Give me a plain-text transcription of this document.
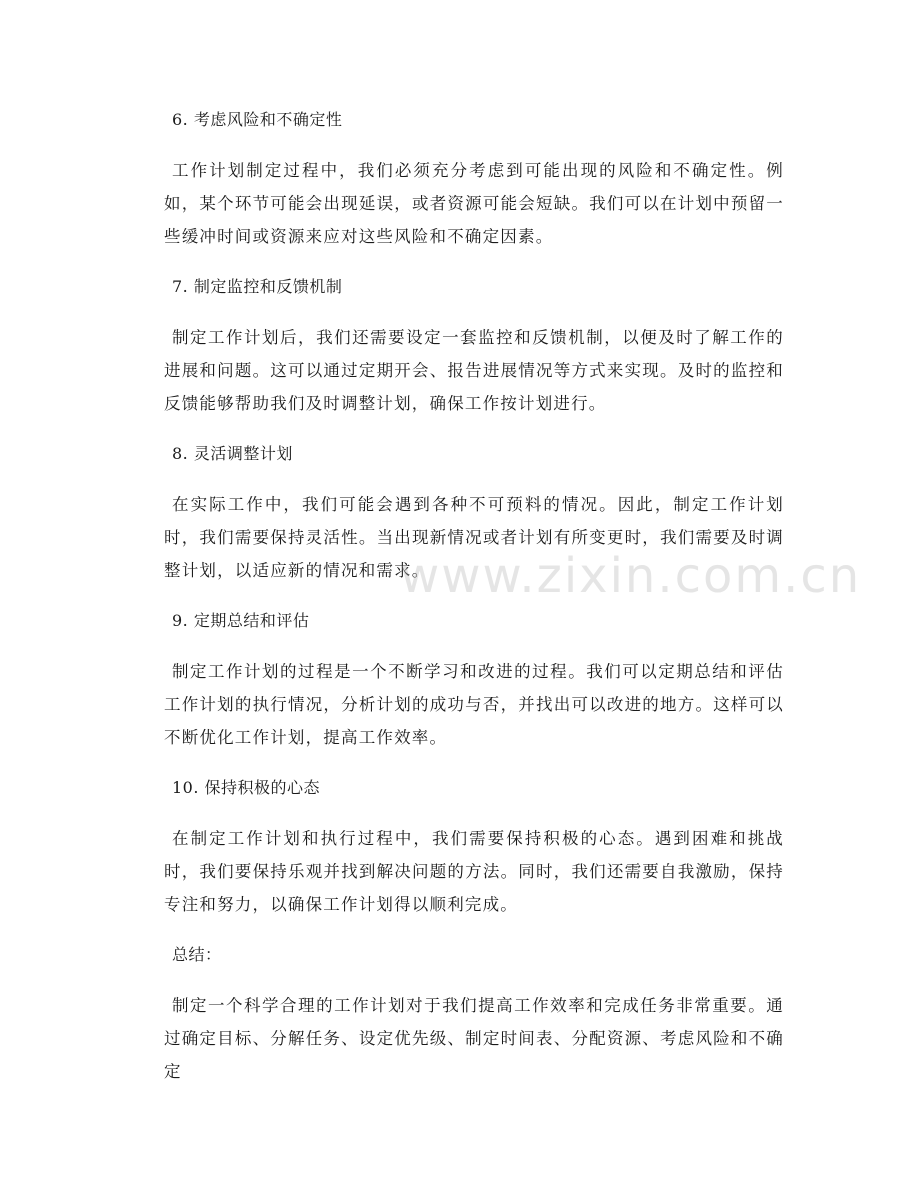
6. 考虑风险和不确定性

工作计划制定过程中，我们必须充分考虑到可能出现的风险和不确定性。例如，某个环节可能会出现延误，或者资源可能会短缺。我们可以在计划中预留一些缓冲时间或资源来应对这些风险和不确定因素。

7. 制定监控和反馈机制

制定工作计划后，我们还需要设定一套监控和反馈机制，以便及时了解工作的进展和问题。这可以通过定期开会、报告进展情况等方式来实现。及时的监控和反馈能够帮助我们及时调整计划，确保工作按计划进行。

8. 灵活调整计划

在实际工作中，我们可能会遇到各种不可预料的情况。因此，制定工作计划时，我们需要保持灵活性。当出现新情况或者计划有所变更时，我们需要及时调整计划，以适应新的情况和需求。

9. 定期总结和评估

制定工作计划的过程是一个不断学习和改进的过程。我们可以定期总结和评估工作计划的执行情况，分析计划的成功与否，并找出可以改进的地方。这样可以不断优化工作计划，提高工作效率。

10. 保持积极的心态

在制定工作计划和执行过程中，我们需要保持积极的心态。遇到困难和挑战时，我们要保持乐观并找到解决问题的方法。同时，我们还需要自我激励，保持专注和努力，以确保工作计划得以顺利完成。

总结：

制定一个科学合理的工作计划对于我们提高工作效率和完成任务非常重要。通过确定目标、分解任务、设定优先级、制定时间表、分配资源、考虑风险和不确定

www.zixin.com.cn
